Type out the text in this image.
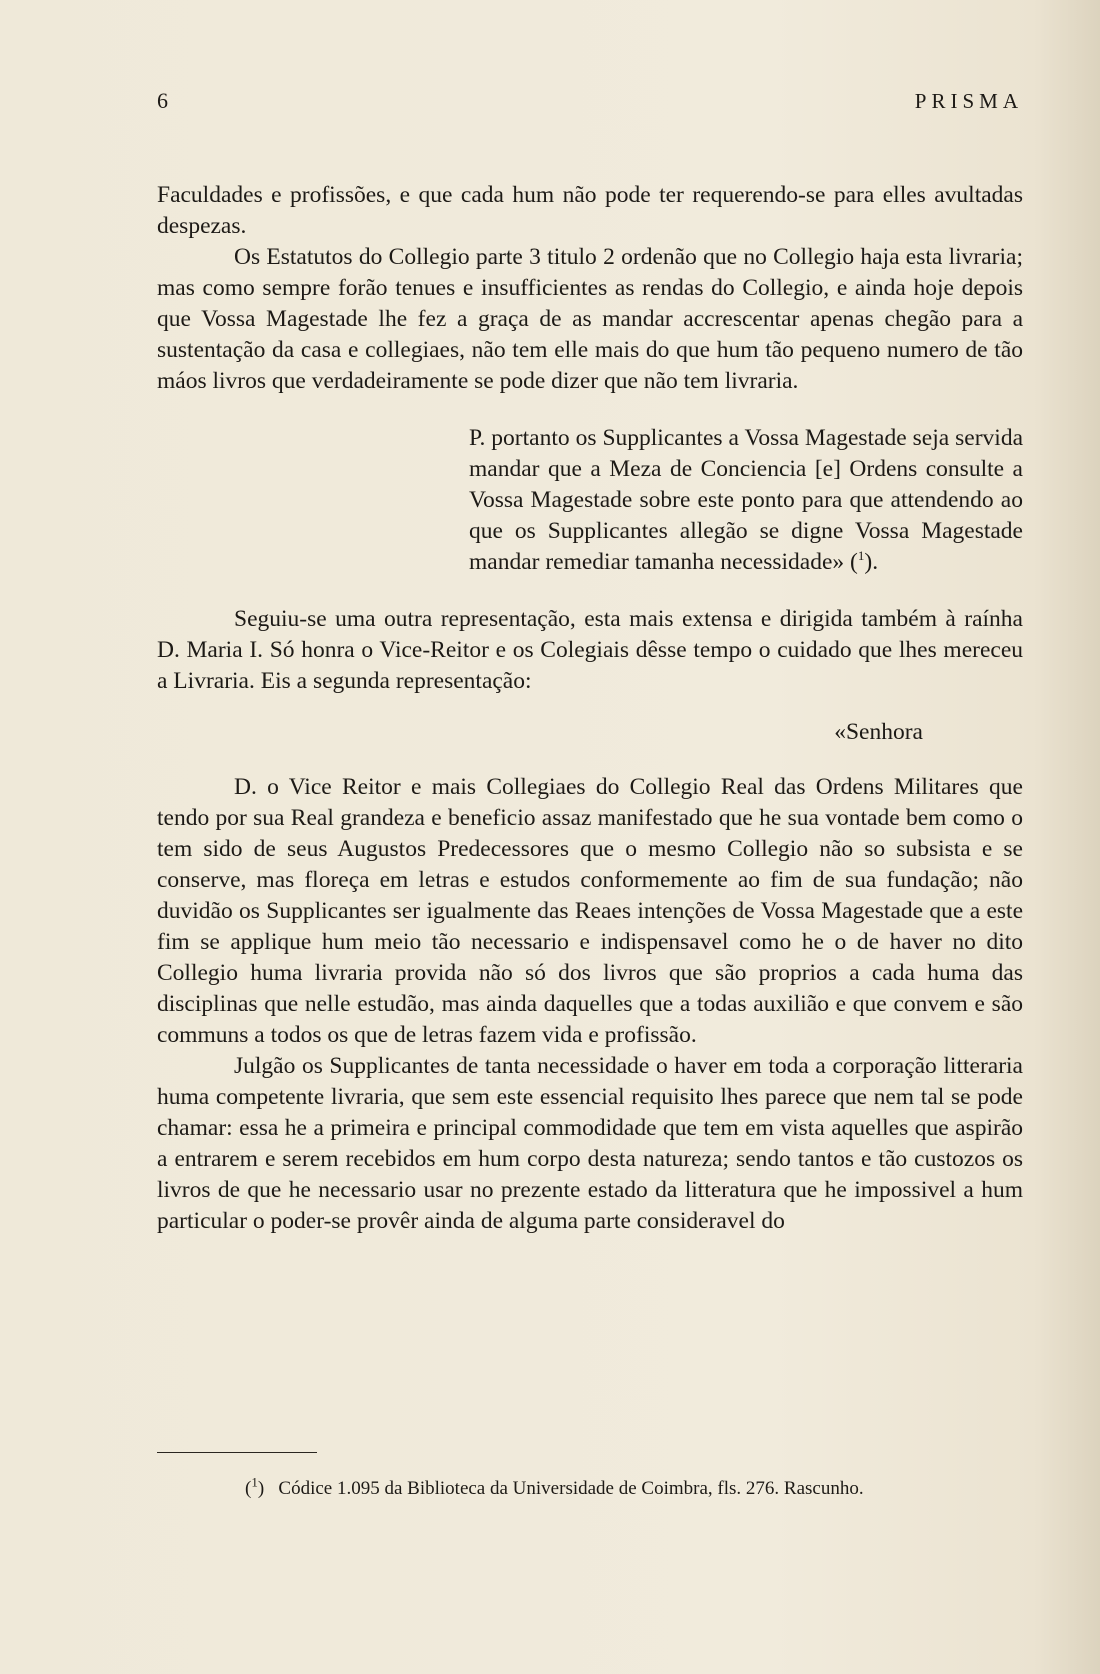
6	PRISMA

Faculdades e profissões, e que cada hum não pode ter requerendo-se para elles avultadas despezas.

Os Estatutos do Collegio parte 3 titulo 2 ordenão que no Collegio haja esta livraria; mas como sempre forão tenues e insufficientes as rendas do Collegio, e ainda hoje depois que Vossa Magestade lhe fez a graça de as mandar accrescentar apenas chegão para a sustentação da casa e collegiaes, não tem elle mais do que hum tão pequeno numero de tão máos livros que verdadeiramente se pode dizer que não tem livraria.

P. portanto os Supplicantes a Vossa Magestade seja servida mandar que a Meza de Conciencia [e] Ordens consulte a Vossa Magestade sobre este ponto para que attendendo ao que os Supplicantes allegão se digne Vossa Magestade mandar remediar tamanha necessidade» ($^1$).

Seguiu-se uma outra representação, esta mais extensa e dirigida também à raínha D. Maria I. Só honra o Vice-Reitor e os Colegiais dêsse tempo o cuidado que lhes mereceu a Livraria. Eis a segunda representação:

«Senhora

D. o Vice Reitor e mais Collegiaes do Collegio Real das Ordens Militares que tendo por sua Real grandeza e beneficio assaz manifestado que he sua vontade bem como o tem sido de seus Augustos Predecessores que o mesmo Collegio não so subsista e se conserve, mas floreça em letras e estudos conformemente ao fim de sua fundação; não duvidão os Supplicantes ser igualmente das Reaes intenções de Vossa Magestade que a este fim se applique hum meio tão necessario e indispensavel como he o de haver no dito Collegio huma livraria provida não só dos livros que são proprios a cada huma das disciplinas que nelle estudão, mas ainda daquelles que a todas auxilião e que convem e são communs a todos os que de letras fazem vida e profissão.

Julgão os Supplicantes de tanta necessidade o haver em toda a corporação litteraria huma competente livraria, que sem este essencial requisito lhes parece que nem tal se pode chamar: essa he a primeira e principal commodidade que tem em vista aquelles que aspirão a entrarem e serem recebidos em hum corpo desta natureza; sendo tantos e tão custozos os livros de que he necessario usar no prezente estado da litteratura que he impossivel a hum particular o poder-se provêr ainda de alguma parte consideravel do

($^1$) Códice 1.095 da Biblioteca da Universidade de Coimbra, fls. 276. Rascunho.
